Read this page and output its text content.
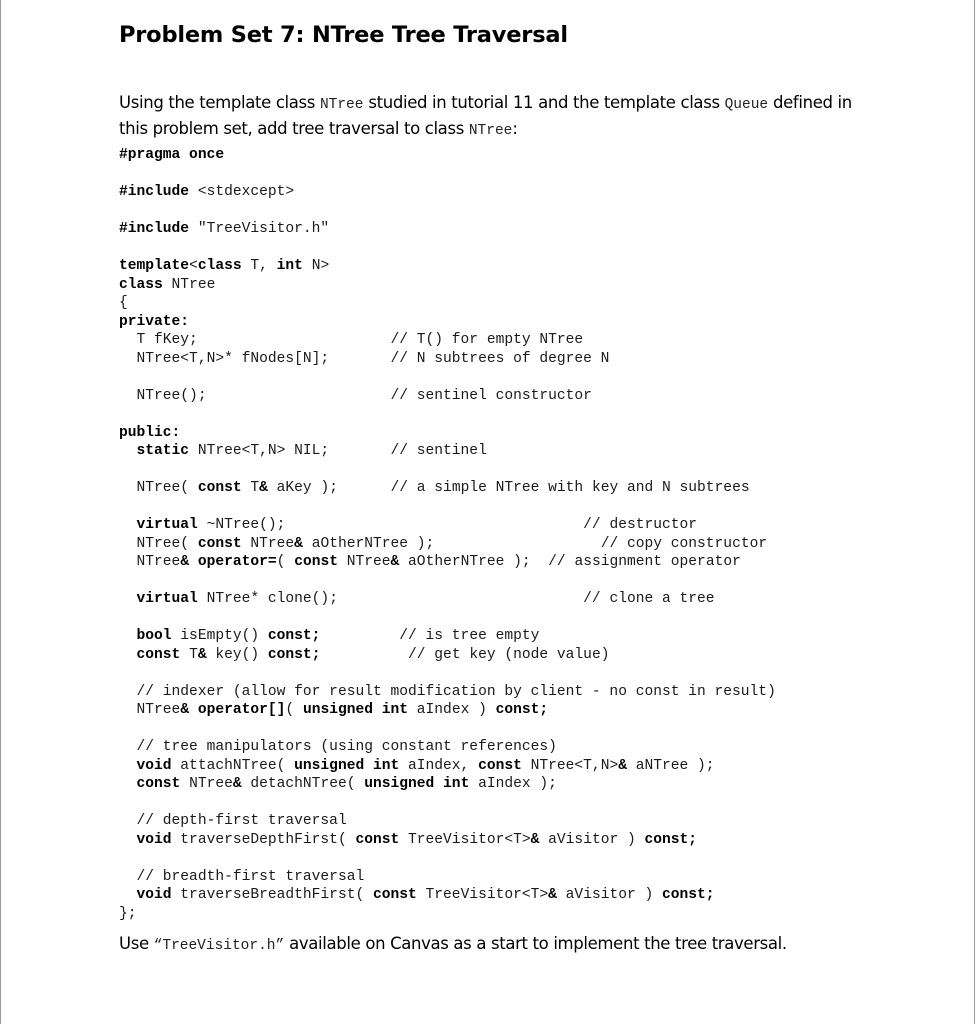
Problem Set 7: NTree Tree Traversal
Using the template class NTree studied in tutorial 11 and the template class Queue defined in this problem set, add tree traversal to class NTree:
#pragma once

#include <stdexcept>

#include "TreeVisitor.h"

template<class T, int N>
class NTree
{
private:
T fKey;                      // T() for empty NTree
NTree<T,N>* fNodes[N];       // N subtrees of degree N

NTree();                     // sentinel constructor

public:
static NTree<T,N> NIL;       // sentinel

NTree( const T& aKey );      // a simple NTree with key and N subtrees

virtual ~NTree();                                  // destructor
NTree( const NTree& aOtherNTree );                   // copy constructor
NTree& operator=( const NTree& aOtherNTree );  // assignment operator

virtual NTree* clone();                            // clone a tree

bool isEmpty() const;         // is tree empty
const T& key() const;          // get key (node value)

// indexer (allow for result modification by client - no const in result)
NTree& operator[]( unsigned int aIndex ) const;

// tree manipulators (using constant references)
void attachNTree( unsigned int aIndex, const NTree<T,N>& aNTree );
const NTree& detachNTree( unsigned int aIndex );

// depth-first traversal
void traverseDepthFirst( const TreeVisitor<T>& aVisitor ) const;

// breadth-first traversal
void traverseBreadthFirst( const TreeVisitor<T>& aVisitor ) const;
};
Use “TreeVisitor.h” available on Canvas as a start to implement the tree traversal.
